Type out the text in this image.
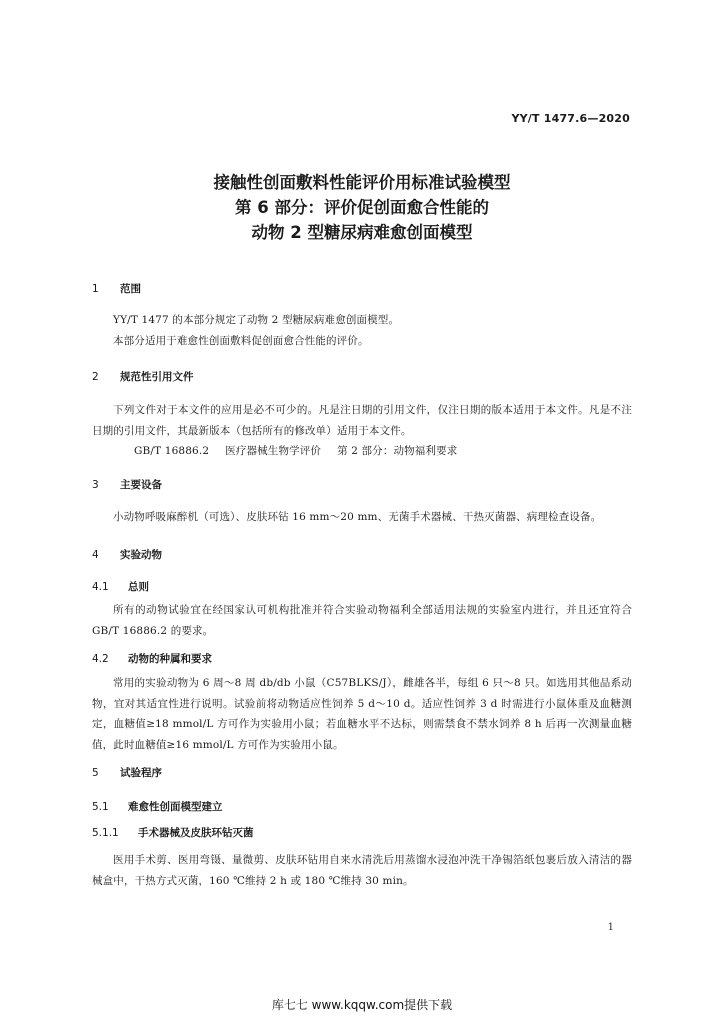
YY/T 1477.6—2020
接触性创面敷料性能评价用标准试验模型
第 6 部分：评价促创面愈合性能的
动物 2 型糖尿病难愈创面模型
1 范围

YY/T 1477 的本部分规定了动物 2 型糖尿病难愈创面模型。

本部分适用于难愈性创面敷料促创面愈合性能的评价。

2 规范性引用文件

下列文件对于本文件的应用是必不可少的。凡是注日期的引用文件，仅注日期的版本适用于本文件。凡是不注日期的引用文件，其最新版本（包括所有的修改单）适用于本文件。

GB/T 16886.2 医疗器械生物学评价 第 2 部分：动物福利要求

3 主要设备

小动物呼吸麻醉机（可选）、皮肤环钻 16 mm～20 mm、无菌手术器械、干热灭菌器、病理检查设备。

4 实验动物
4.1 总则

所有的动物试验宜在经国家认可机构批准并符合实验动物福利全部适用法规的实验室内进行，并且还宜符合 GB/T 16886.2 的要求。

4.2 动物的种属和要求

常用的实验动物为 6 周～8 周 db/db 小鼠（C57BLKS/J），雌雄各半，每组 6 只～8 只。如选用其他品系动物，宜对其适宜性进行说明。试验前将动物适应性饲养 5 d～10 d。适应性饲养 3 d 时需进行小鼠体重及血糖测定，血糖值≥18 mmol/L 方可作为实验用小鼠；若血糖水平不达标，则需禁食不禁水饲养 8 h 后再一次测量血糖值，此时血糖值≥16 mmol/L 方可作为实验用小鼠。

5 试验程序
5.1 难愈性创面模型建立
5.1.1 手术器械及皮肤环钻灭菌

医用手术剪、医用弯镊、量微剪、皮肤环钻用自来水清洗后用蒸馏水浸泡冲洗干净锡箔纸包裹后放入清洁的器械盒中，干热方式灭菌，160 ℃维持 2 h 或 180 ℃维持 30 min。

1
库七七 www.kqqw.com提供下载
